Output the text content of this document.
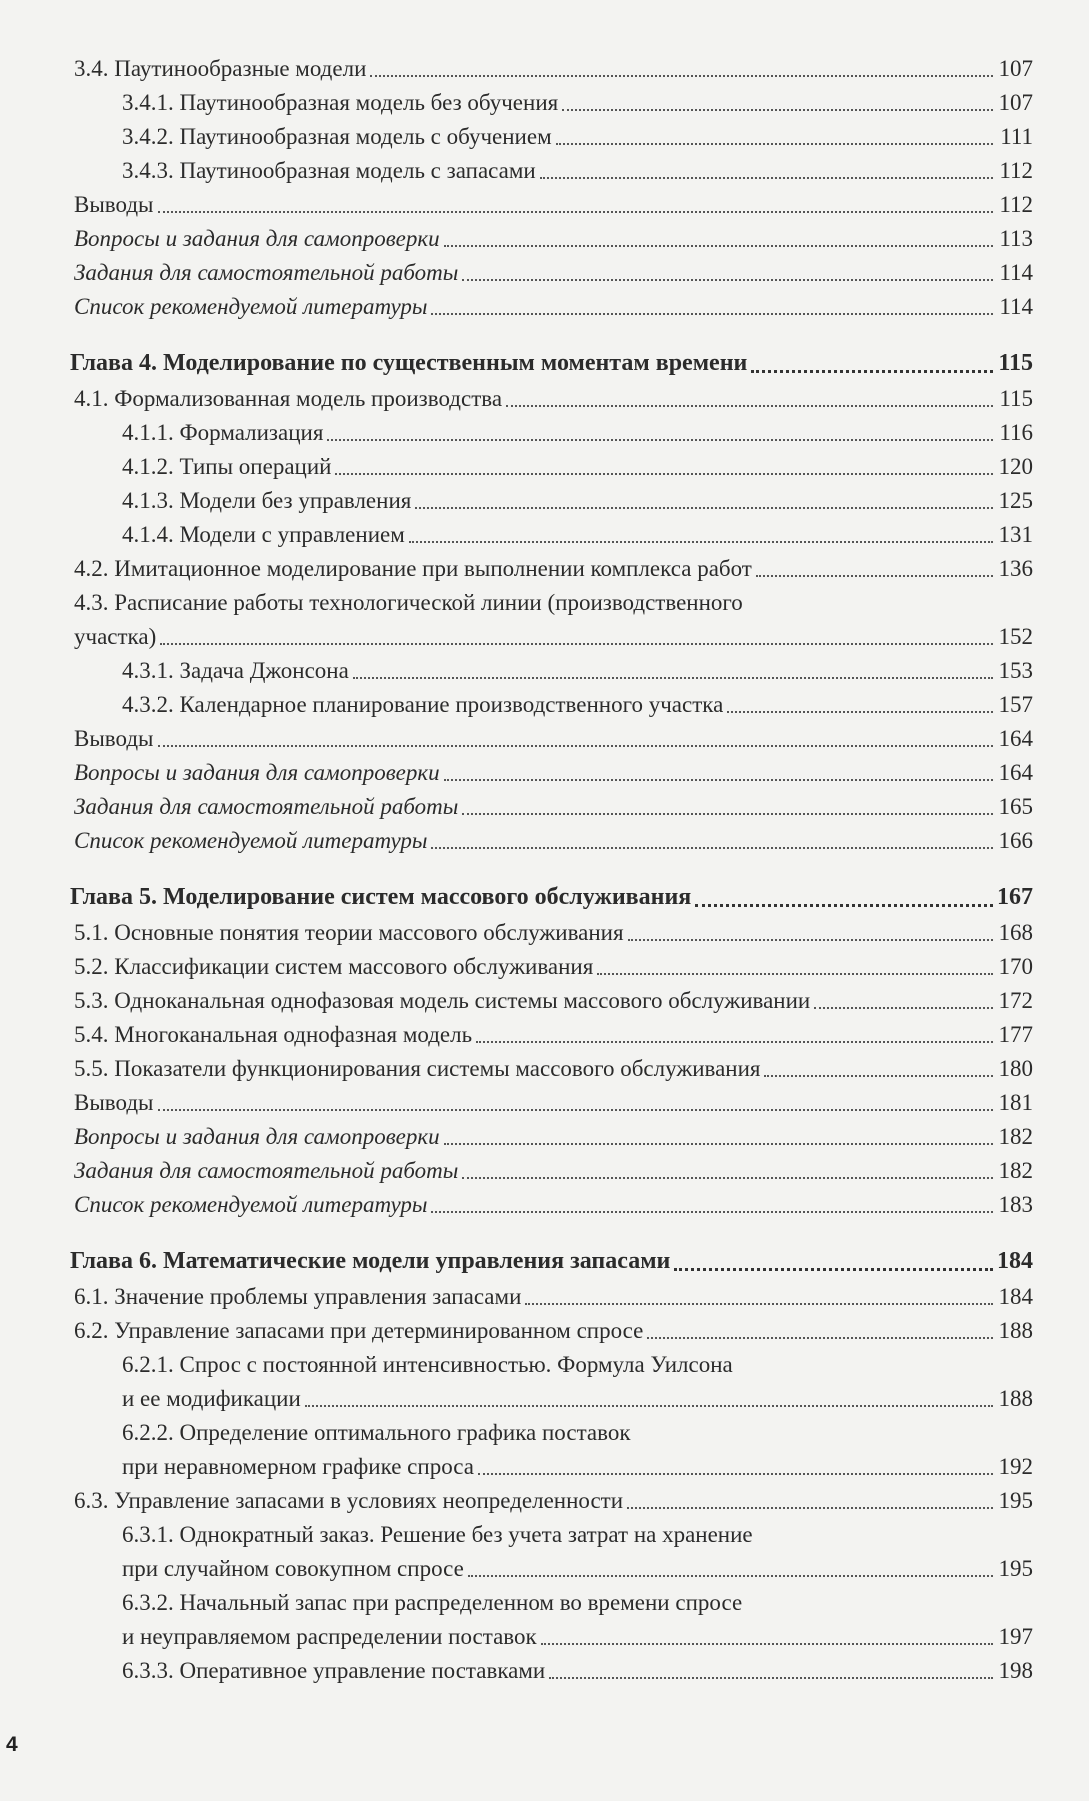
3.4. Паутинообразные модели	107
3.4.1. Паутинообразная модель без обучения	107
3.4.2. Паутинообразная модель с обучением	111
3.4.3. Паутинообразная модель с запасами	112
Выводы	112
Вопросы и задания для самопроверки	113
Задания для самостоятельной работы	114
Список рекомендуемой литературы	114
Глава 4. Моделирование по существенным моментам времени	115
4.1. Формализованная модель производства	115
4.1.1. Формализация	116
4.1.2. Типы операций	120
4.1.3. Модели без управления	125
4.1.4. Модели с управлением	131
4.2. Имитационное моделирование при выполнении комплекса работ	136
4.3. Расписание работы технологической линии (производственного
участка)	152
4.3.1. Задача Джонсона	153
4.3.2. Календарное планирование производственного участка	157
Выводы	164
Вопросы и задания для самопроверки	164
Задания для самостоятельной работы	165
Список рекомендуемой литературы	166
Глава 5. Моделирование систем массового обслуживания	167
5.1. Основные понятия теории массового обслуживания	168
5.2. Классификации систем массового обслуживания	170
5.3. Одноканальная однофазовая модель системы массового обслуживании	172
5.4. Многоканальная однофазная модель	177
5.5. Показатели функционирования системы массового обслуживания	180
Выводы	181
Вопросы и задания для самопроверки	182
Задания для самостоятельной работы	182
Список рекомендуемой литературы	183
Глава 6. Математические модели управления запасами	184
6.1. Значение проблемы управления запасами	184
6.2. Управление запасами при детерминированном спросе	188
6.2.1. Спрос с постоянной интенсивностью. Формула Уилсона
и ее модификации	188
6.2.2. Определение оптимального графика поставок
при неравномерном графике спроса	192
6.3. Управление запасами в условиях неопределенности	195
6.3.1. Однократный заказ. Решение без учета затрат на хранение
при случайном совокупном спросе	195
6.3.2. Начальный запас при распределенном во времени спросе
и неуправляемом распределении поставок	197
6.3.3. Оперативное управление поставками	198
4
